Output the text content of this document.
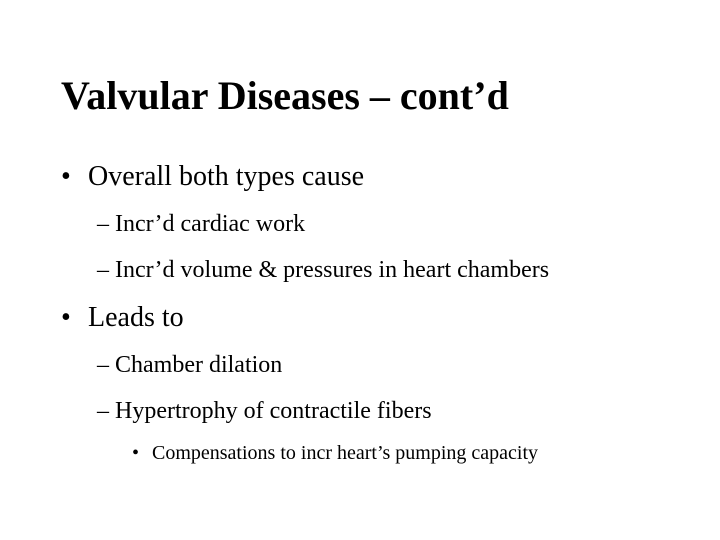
Valvular Diseases – cont’d
• Overall both types cause
– Incr’d cardiac work
– Incr’d volume & pressures in heart chambers
• Leads to
– Chamber dilation
– Hypertrophy of contractile fibers
• Compensations to incr heart’s pumping capacity
